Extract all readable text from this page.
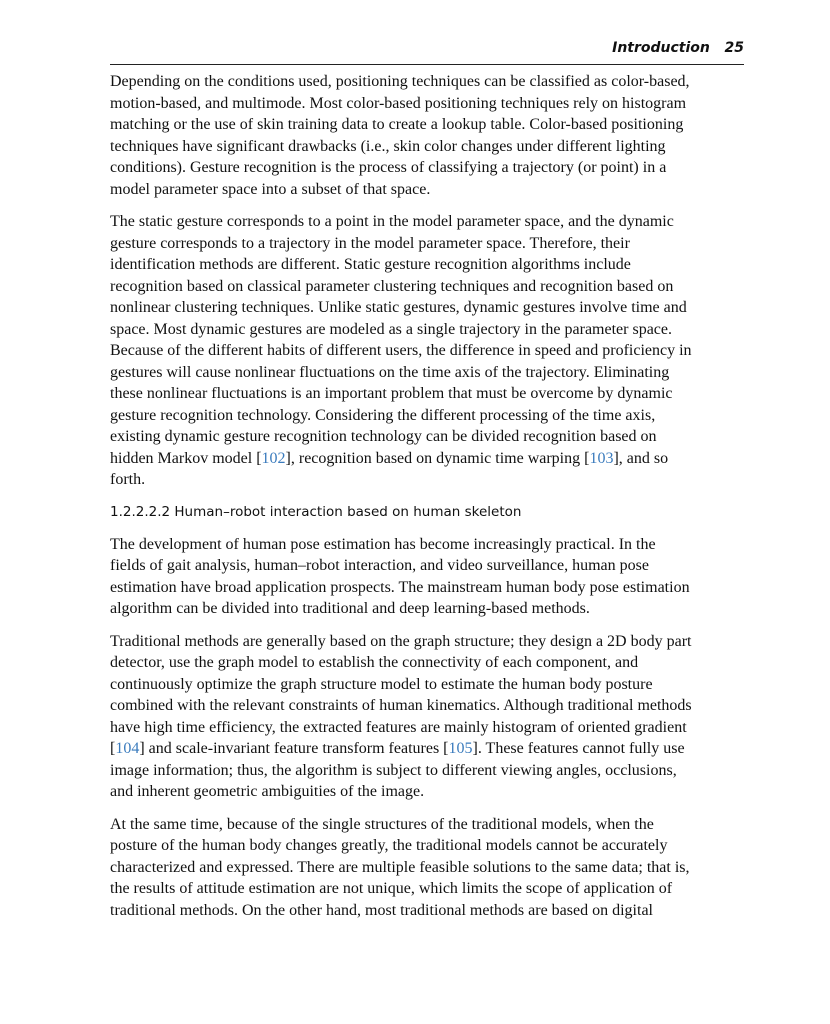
Introduction 25

Depending on the conditions used, positioning techniques can be classified as color-based,
motion-based, and multimode. Most color-based positioning techniques rely on histogram
matching or the use of skin training data to create a lookup table. Color-based positioning
techniques have significant drawbacks (i.e., skin color changes under different lighting
conditions). Gesture recognition is the process of classifying a trajectory (or point) in a
model parameter space into a subset of that space.

The static gesture corresponds to a point in the model parameter space, and the dynamic
gesture corresponds to a trajectory in the model parameter space. Therefore, their
identification methods are different. Static gesture recognition algorithms include
recognition based on classical parameter clustering techniques and recognition based on
nonlinear clustering techniques. Unlike static gestures, dynamic gestures involve time and
space. Most dynamic gestures are modeled as a single trajectory in the parameter space.
Because of the different habits of different users, the difference in speed and proficiency in
gestures will cause nonlinear fluctuations on the time axis of the trajectory. Eliminating
these nonlinear fluctuations is an important problem that must be overcome by dynamic
gesture recognition technology. Considering the different processing of the time axis,
existing dynamic gesture recognition technology can be divided recognition based on
hidden Markov model [102], recognition based on dynamic time warping [103], and so
forth.

1.2.2.2.2 Human–robot interaction based on human skeleton

The development of human pose estimation has become increasingly practical. In the
fields of gait analysis, human–robot interaction, and video surveillance, human pose
estimation have broad application prospects. The mainstream human body pose estimation
algorithm can be divided into traditional and deep learning-based methods.

Traditional methods are generally based on the graph structure; they design a 2D body part
detector, use the graph model to establish the connectivity of each component, and
continuously optimize the graph structure model to estimate the human body posture
combined with the relevant constraints of human kinematics. Although traditional methods
have high time efficiency, the extracted features are mainly histogram of oriented gradient
[104] and scale-invariant feature transform features [105]. These features cannot fully use
image information; thus, the algorithm is subject to different viewing angles, occlusions,
and inherent geometric ambiguities of the image.

At the same time, because of the single structures of the traditional models, when the
posture of the human body changes greatly, the traditional models cannot be accurately
characterized and expressed. There are multiple feasible solutions to the same data; that is,
the results of attitude estimation are not unique, which limits the scope of application of
traditional methods. On the other hand, most traditional methods are based on digital
